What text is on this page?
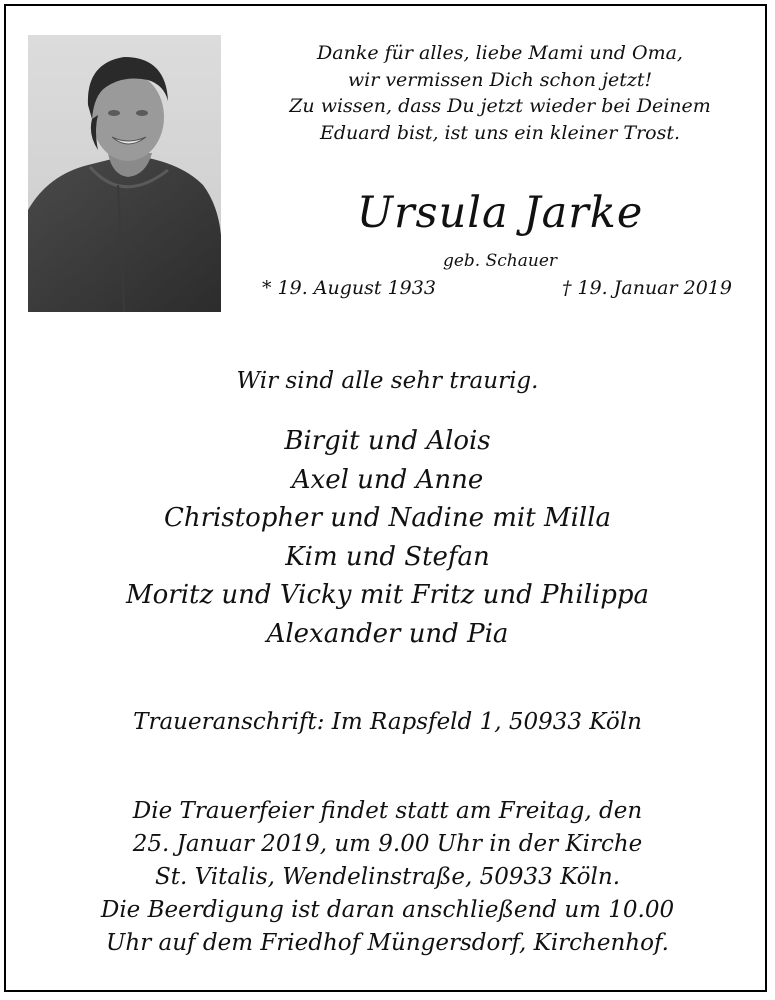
Danke für alles, liebe Mami und Oma,
wir vermissen Dich schon jetzt!
Zu wissen, dass Du jetzt wieder bei Deinem
Eduard bist, ist uns ein kleiner Trost.
Ursula Jarke
geb. Schauer
* 19. August 1933	† 19. Januar 2019
Wir sind alle sehr traurig.
Birgit und Alois
Axel und Anne
Christopher und Nadine mit Milla
Kim und Stefan
Moritz und Vicky mit Fritz und Philippa
Alexander und Pia
Traueranschrift: Im Rapsfeld 1, 50933 Köln
Die Trauerfeier findet statt am Freitag, den
25. Januar 2019, um 9.00 Uhr in der Kirche
St. Vitalis, Wendelinstraße, 50933 Köln.
Die Beerdigung ist daran anschließend um 10.00
Uhr auf dem Friedhof Müngersdorf, Kirchenhof.
